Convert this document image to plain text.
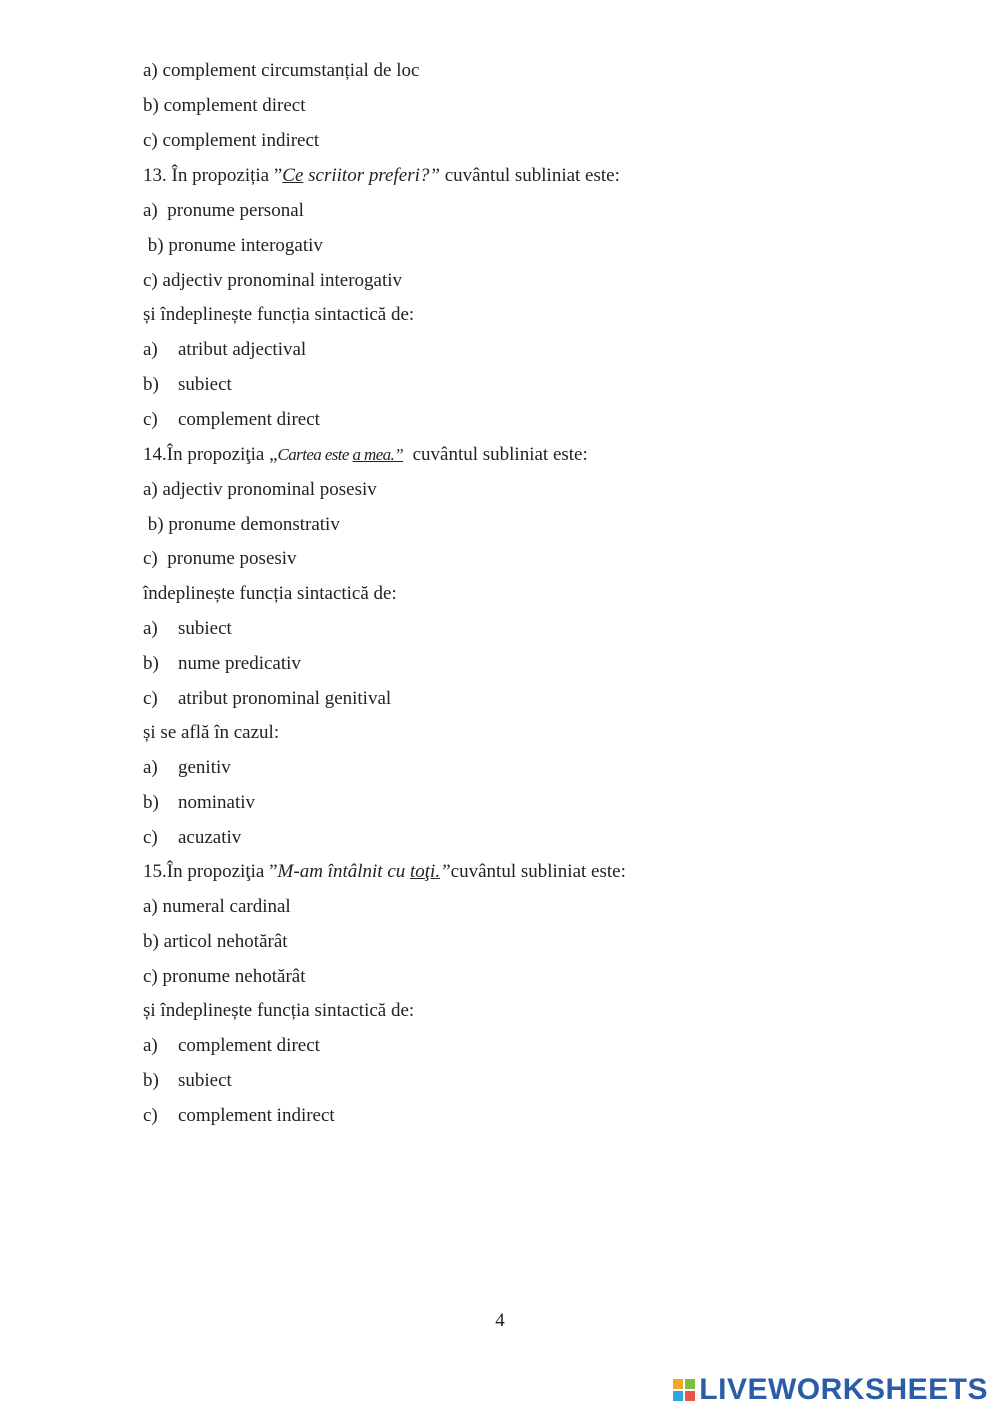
a) complement circumstanțial de loc
b) complement direct
c) complement indirect
13. În propoziția ”Ce scriitor preferi?” cuvântul subliniat este:
a)  pronume personal
b) pronume interogativ
c) adjectiv pronominal interogativ
și îndeplinește funcția sintactică de:
a) atribut adjectival
b) subiect
c) complement direct
14.În propoziţia „Cartea este a mea.”  cuvântul subliniat este:
a) adjectiv pronominal posesiv
b) pronume demonstrativ
c)  pronume posesiv
îndeplinește funcția sintactică de:
a) subiect
b) nume predicativ
c) atribut pronominal genitival
și se află în cazul:
a) genitiv
b) nominativ
c) acuzativ
15.În propoziţia ”M-am întâlnit cu toţi.”cuvântul subliniat este:
a) numeral cardinal
b) articol nehotărât
c) pronume nehotărât
și îndeplinește funcția sintactică de:
a) complement direct
b) subiect
c) complement indirect
4
LIVEWORKSHEETS
